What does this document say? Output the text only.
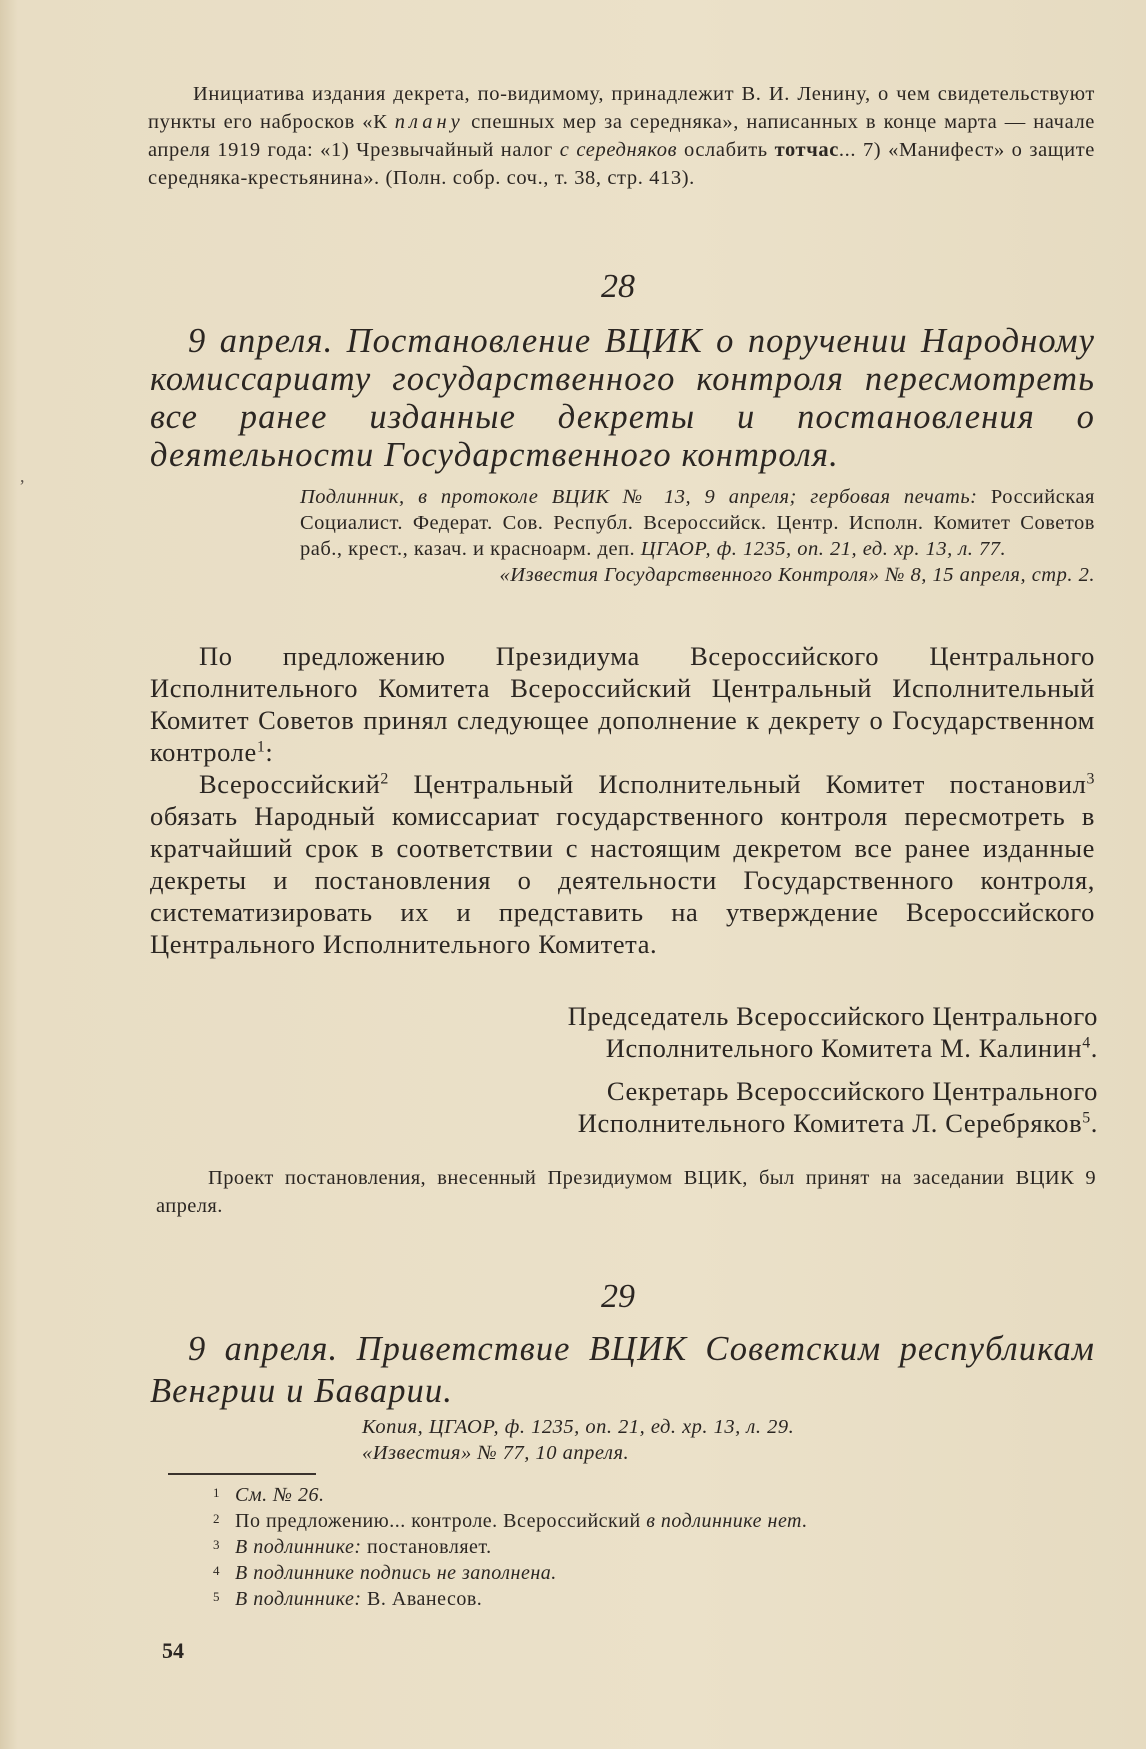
Инициатива издания декрета, по-видимому, принадлежит В. И. Ленину, о чем свидетельствуют пункты его набросков «К плану спешных мер за середняка», написанных в конце марта — начале апреля 1919 года: «1) Чрезвычайный налог с середняков ослабить тотчас... 7) «Манифест» о защите середняка-крестьянина». (Полн. собр. соч., т. 38, стр. 413).

,
28

9 апреля. Постановление ВЦИК о поручении Народному комиссариату государственного контроля пересмотреть все ранее изданные декреты и постановления о деятельности Государственного контроля.

Подлинник, в протоколе ВЦИК № 13, 9 апреля; гербовая печать: Российская Социалист. Федерат. Сов. Республ. Всеросcийск. Центр. Исполн. Комитет Советов раб., крест., казач. и красноарм. деп. ЦГАОР, ф. 1235, оп. 21, ед. хр. 13, л. 77.

«Известия Государственного Контроля» № 8, 15 апреля, стр. 2.

По предложению Президиума Всероссийского Центрального Исполнительного Комитета Всероссийский Центральный Исполнительный Комитет Советов принял следующее дополнение к декрету о Государственном контроле$^1$:

Всероссийский$^2$ Центральный Исполнительный Комитет постановил$^3$ обязать Народный комиссариат государственного контроля пересмотреть в кратчайший срок в соответствии с настоящим декретом все ранее изданные декреты и постановления о деятельности Государственного контроля, систематизировать их и представить на утверждение Всероссийского Центрального Исполнительного Комитета.

Председатель Всероссийского Центрального

Исполнительного Комитета М. Калинин$^4$.

Секретарь Всероссийского Центрального

Исполнительного Комитета Л. Серебряков$^5$.

Проект постановления, внесенный Президиумом ВЦИК, был принят на заседании ВЦИК 9 апреля.

29

9 апреля. Приветствие ВЦИК Советским республикам Венгрии и Баварии.

Копия, ЦГАОР, ф. 1235, оп. 21, ед. хр. 13, л. 29.

«Известия» № 77, 10 апреля.

1 См. № 26.

2 По предложению... контроле. Всероссийский в подлиннике нет.

3 В подлиннике: постановляет.

4 В подлиннике подпись не заполнена.

5 В подлиннике: В. Аванесов.

54
